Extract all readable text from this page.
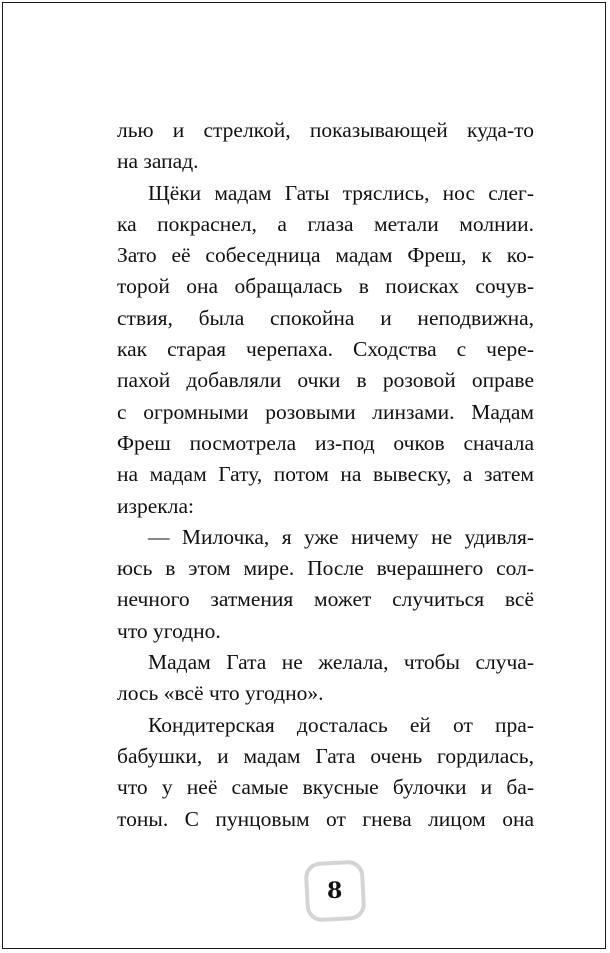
лью и стрелкой, показывающей куда-то
на запад.
Щёки мадам Гаты тряслись, нос слег-
ка покраснел, а глаза метали молнии.
Зато её собеседница мадам Фреш, к ко-
торой она обращалась в поисках сочув-
ствия, была спокойна и неподвижна,
как старая черепаха. Сходства с чере-
пахой добавляли очки в розовой оправе
с огромными розовыми линзами. Мадам
Фреш посмотрела из-под очков сначала
на мадам Гату, потом на вывеску, а затем
изрекла:
— Милочка, я уже ничему не удивля-
юсь в этом мире. После вчерашнего сол-
нечного затмения может случиться всё
что угодно.
Мадам Гата не желала, чтобы случа-
лось «всё что угодно».
Кондитерская досталась ей от пра-
бабушки, и мадам Гата очень гордилась,
что у неё самые вкусные булочки и ба-
тоны. С пунцовым от гнева лицом она
8
